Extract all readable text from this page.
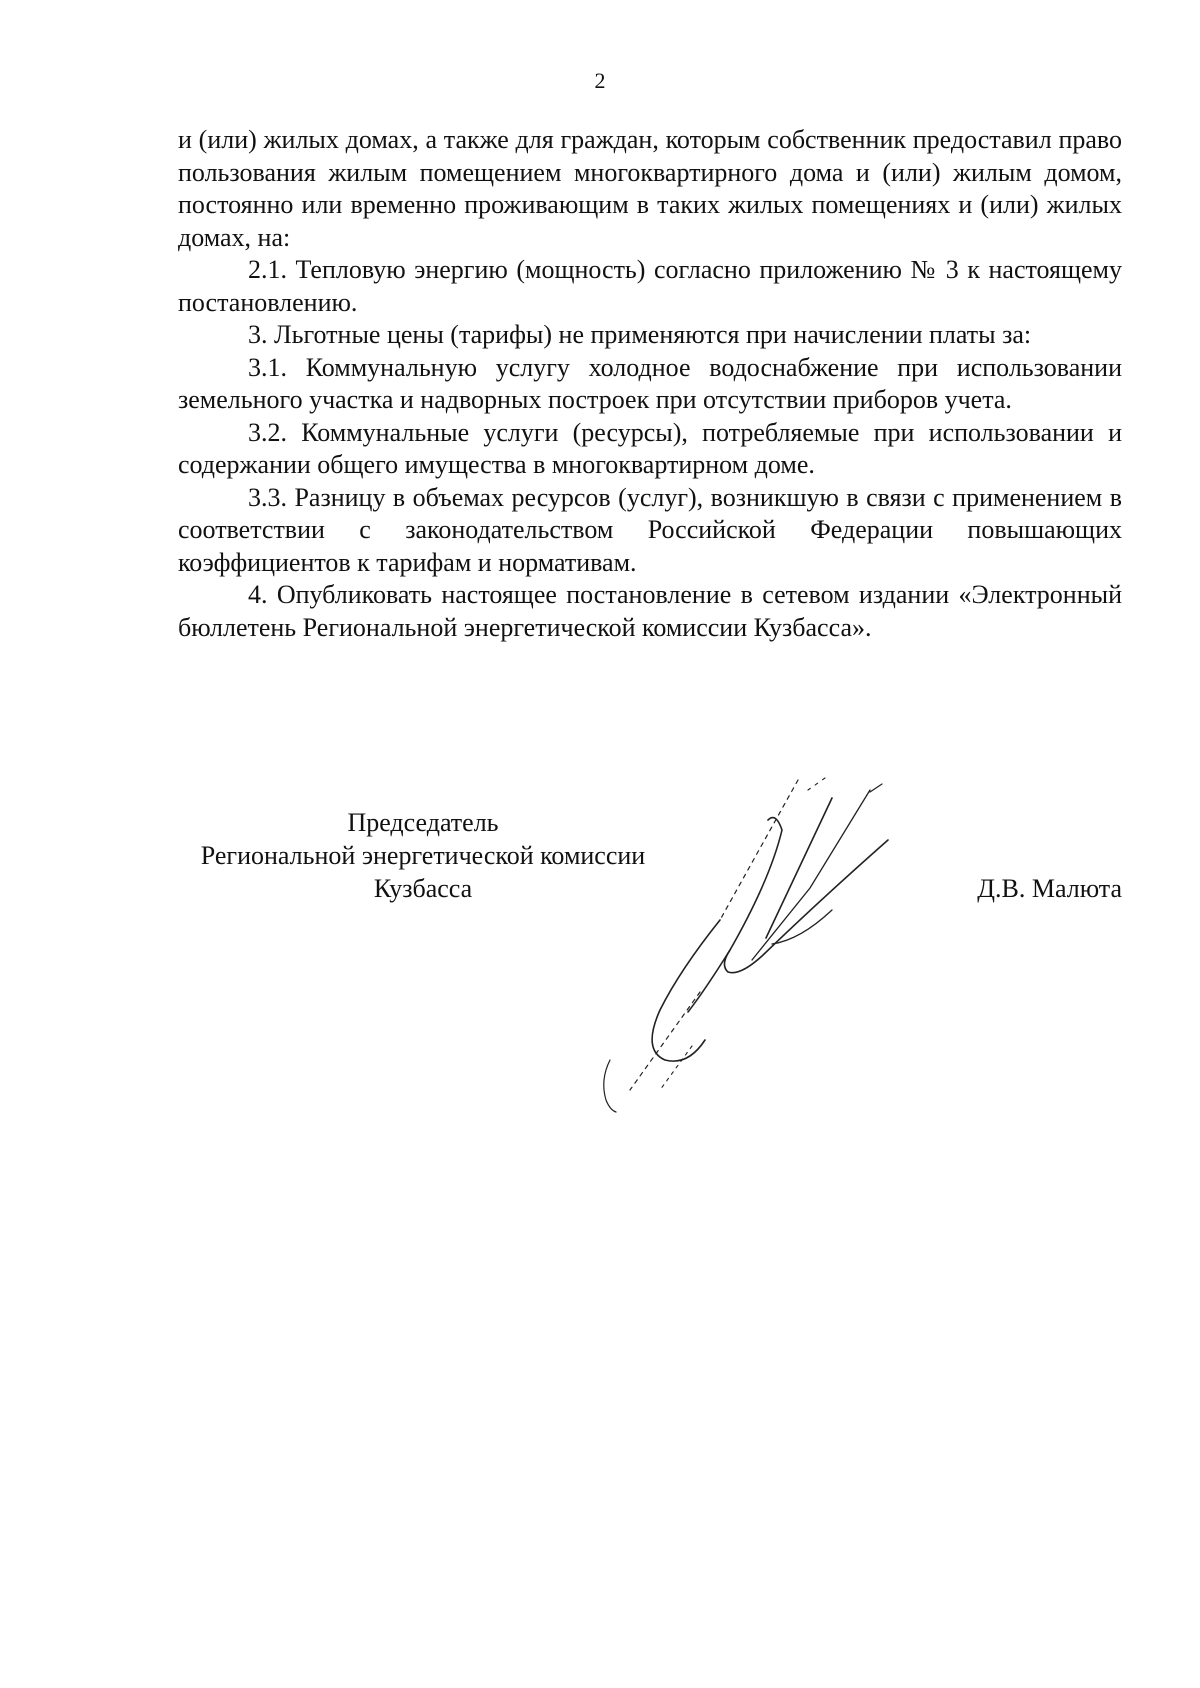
2

и (или) жилых домах, а также для граждан, которым собственник предоставил право пользования жилым помещением многоквартирного дома и (или) жилым домом, постоянно или временно проживающим в таких жилых помещениях и (или) жилых домах, на:

2.1. Тепловую энергию (мощность) согласно приложению № 3 к настоящему постановлению.

3. Льготные цены (тарифы) не применяются при начислении платы за:

3.1. Коммунальную услугу холодное водоснабжение при использовании земельного участка и надворных построек при отсутствии приборов учета.

3.2. Коммунальные услуги (ресурсы), потребляемые при использовании и содержании общего имущества в многоквартирном доме.

3.3. Разницу в объемах ресурсов (услуг), возникшую в связи с применением в соответствии с законодательством Российской Федерации повышающих коэффициентов к тарифам и нормативам.

4. Опубликовать настоящее постановление в сетевом издании «Электронный бюллетень Региональной энергетической комиссии Кузбасса».

Председатель
Региональной энергетической комиссии
Кузбасса	Д.В. Малюта
